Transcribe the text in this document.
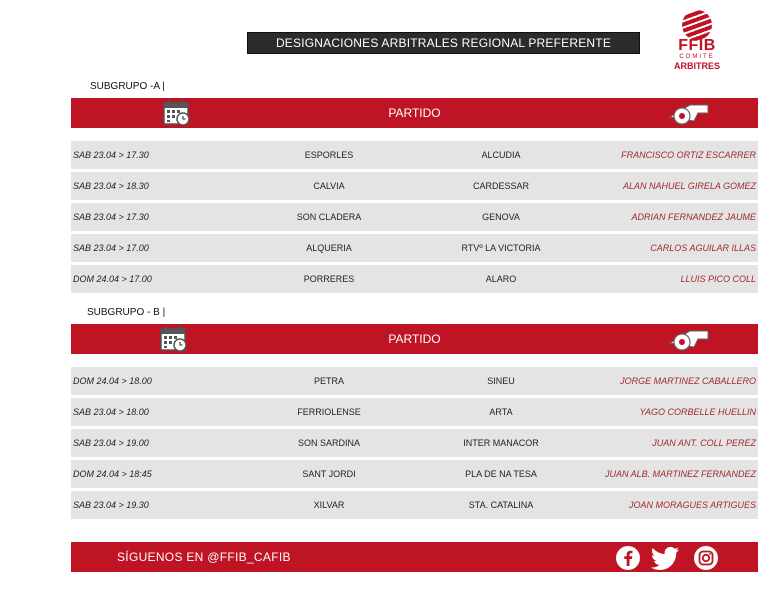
DESIGNACIONES ARBITRALES REGIONAL PREFERENTE	FFIB
COMITE
ARBITRES
SUBGRUPO -A |
PARTIDO
SAB 23.04 > 17.30	ESPORLES	ALCUDIA	FRANCISCO ORTIZ ESCARRER
SAB 23.04 > 18.30	CALVIA	CARDESSAR	ALAN NAHUEL GIRELA GOMEZ
SAB 23.04 > 17.30	SON CLADERA	GENOVA	ADRIAN FERNANDEZ JAUME
SAB 23.04 > 17.00	ALQUERIA	RTVº LA VICTORIA	CARLOS AGUILAR ILLAS
DOM 24.04 > 17.00	PORRERES	ALARO	LLUIS PICO COLL
SUBGRUPO - B |
PARTIDO
DOM 24.04 > 18.00	PETRA	SINEU	JORGE MARTINEZ CABALLERO
SAB 23.04 > 18.00	FERRIOLENSE	ARTA	YAGO CORBELLE HUELLIN
SAB 23.04 > 19.00	SON SARDINA	INTER MANACOR	JUAN ANT. COLL PEREZ
DOM 24.04 > 18:45	SANT JORDI	PLA DE NA TESA	JUAN ALB. MARTINEZ FERNANDEZ
SAB 23.04 > 19.30	XILVAR	STA. CATALINA	JOAN MORAGUES ARTIGUES
SÍGUENOS EN @FFIB_CAFIB
